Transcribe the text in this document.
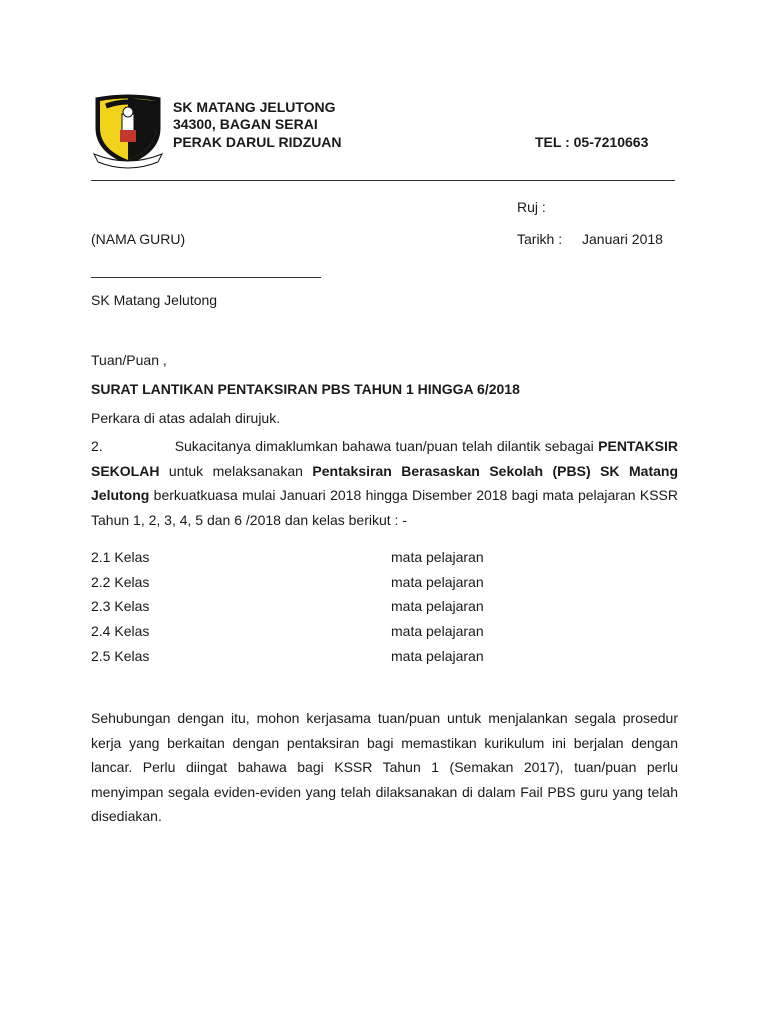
SK MATANG JELUTONG
34300, BAGAN SERAI
PERAK DARUL RIDZUAN	TEL : 05-7210663
Ruj :
(NAMA GURU)	Tarikh : Januari 2018
SK Matang Jelutong
Tuan/Puan ,
SURAT LANTIKAN PENTAKSIRAN PBS TAHUN 1 HINGGA 6/2018
Perkara di atas adalah dirujuk.
2.	Sukacitanya dimaklumkan bahawa tuan/puan telah dilantik sebagai PENTAKSIR SEKOLAH untuk melaksanakan Pentaksiran Berasaskan Sekolah (PBS) SK Matang Jelutong berkuatkuasa mulai Januari 2018 hingga Disember 2018 bagi mata pelajaran KSSR Tahun 1, 2, 3, 4, 5 dan 6 /2018 dan kelas berikut : -
2.1 Kelas	mata pelajaran
2.2 Kelas	mata pelajaran
2.3 Kelas	mata pelajaran
2.4 Kelas	mata pelajaran
2.5 Kelas	mata pelajaran
Sehubungan dengan itu, mohon kerjasama tuan/puan untuk menjalankan segala prosedur kerja yang berkaitan dengan pentaksiran bagi memastikan kurikulum ini berjalan dengan lancar. Perlu diingat bahawa bagi KSSR Tahun 1 (Semakan 2017), tuan/puan perlu menyimpan segala eviden-eviden yang telah dilaksanakan di dalam Fail PBS guru yang telah disediakan.
